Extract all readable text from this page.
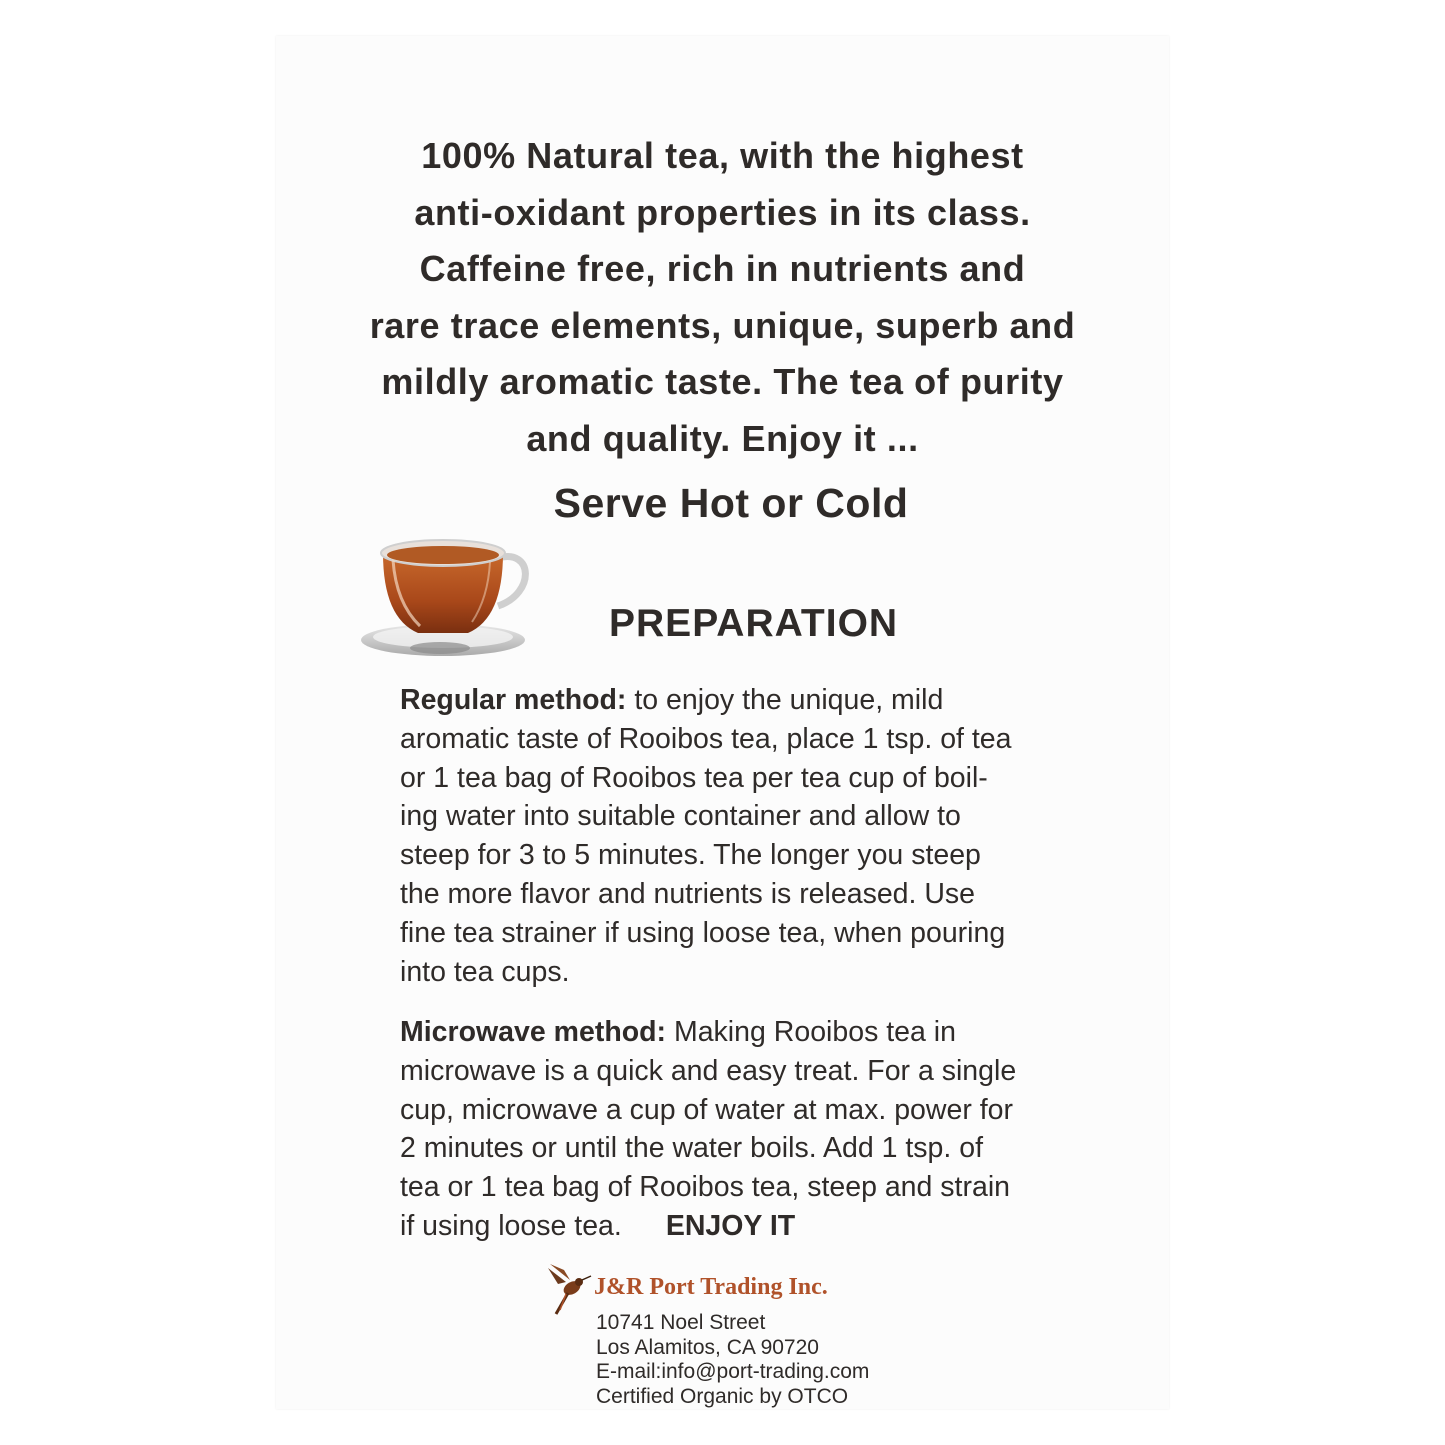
100% Natural tea, with the highest
anti-oxidant properties in its class.
Caffeine free, rich in nutrients and
rare trace elements, unique, superb and
mildly aromatic taste. The tea of purity
and quality. Enjoy it ...
Serve Hot or Cold
PREPARATION
Regular method: to enjoy the unique, mild
aromatic taste of Rooibos tea, place 1 tsp. of tea
or 1 tea bag of Rooibos tea per tea cup of boil-
ing water into suitable container and allow to
steep for 3 to 5 minutes. The longer you steep
the more flavor and nutrients is released. Use
fine tea strainer if using loose tea, when pouring
into tea cups.
Microwave method: Making Rooibos tea in
microwave is a quick and easy treat. For a single
cup, microwave a cup of water at max. power for
2 minutes or until the water boils. Add 1 tsp. of
tea or 1 tea bag of Rooibos tea, steep and strain
if using loose tea. ENJOY IT
J&R Port Trading Inc.
10741 Noel Street
Los Alamitos, CA 90720
E-mail:info@port-trading.com
Certified Organic by OTCO
